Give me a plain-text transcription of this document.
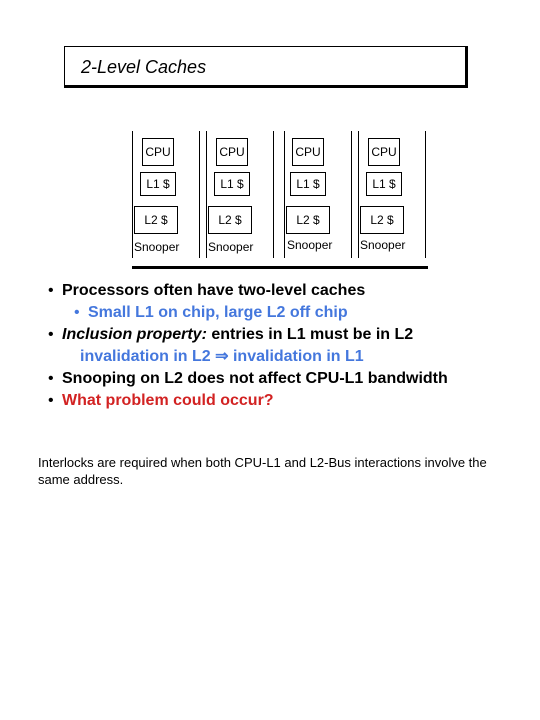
2-Level Caches
CPU
L1 $
L2 $
Snooper
CPU
L1 $
L2 $
Snooper
CPU
L1 $
L2 $
Snooper
CPU
L1 $
L2 $
Snooper
• Processors often have two-level caches
• Small L1 on chip, large L2 off chip
• Inclusion property: entries in L1 must be in L2
invalidation in L2 ⇒ invalidation in L1
• Snooping on L2 does not affect CPU-L1 bandwidth
• What problem could occur?
Interlocks are required when both CPU-L1 and L2-Bus interactions involve the same address.
